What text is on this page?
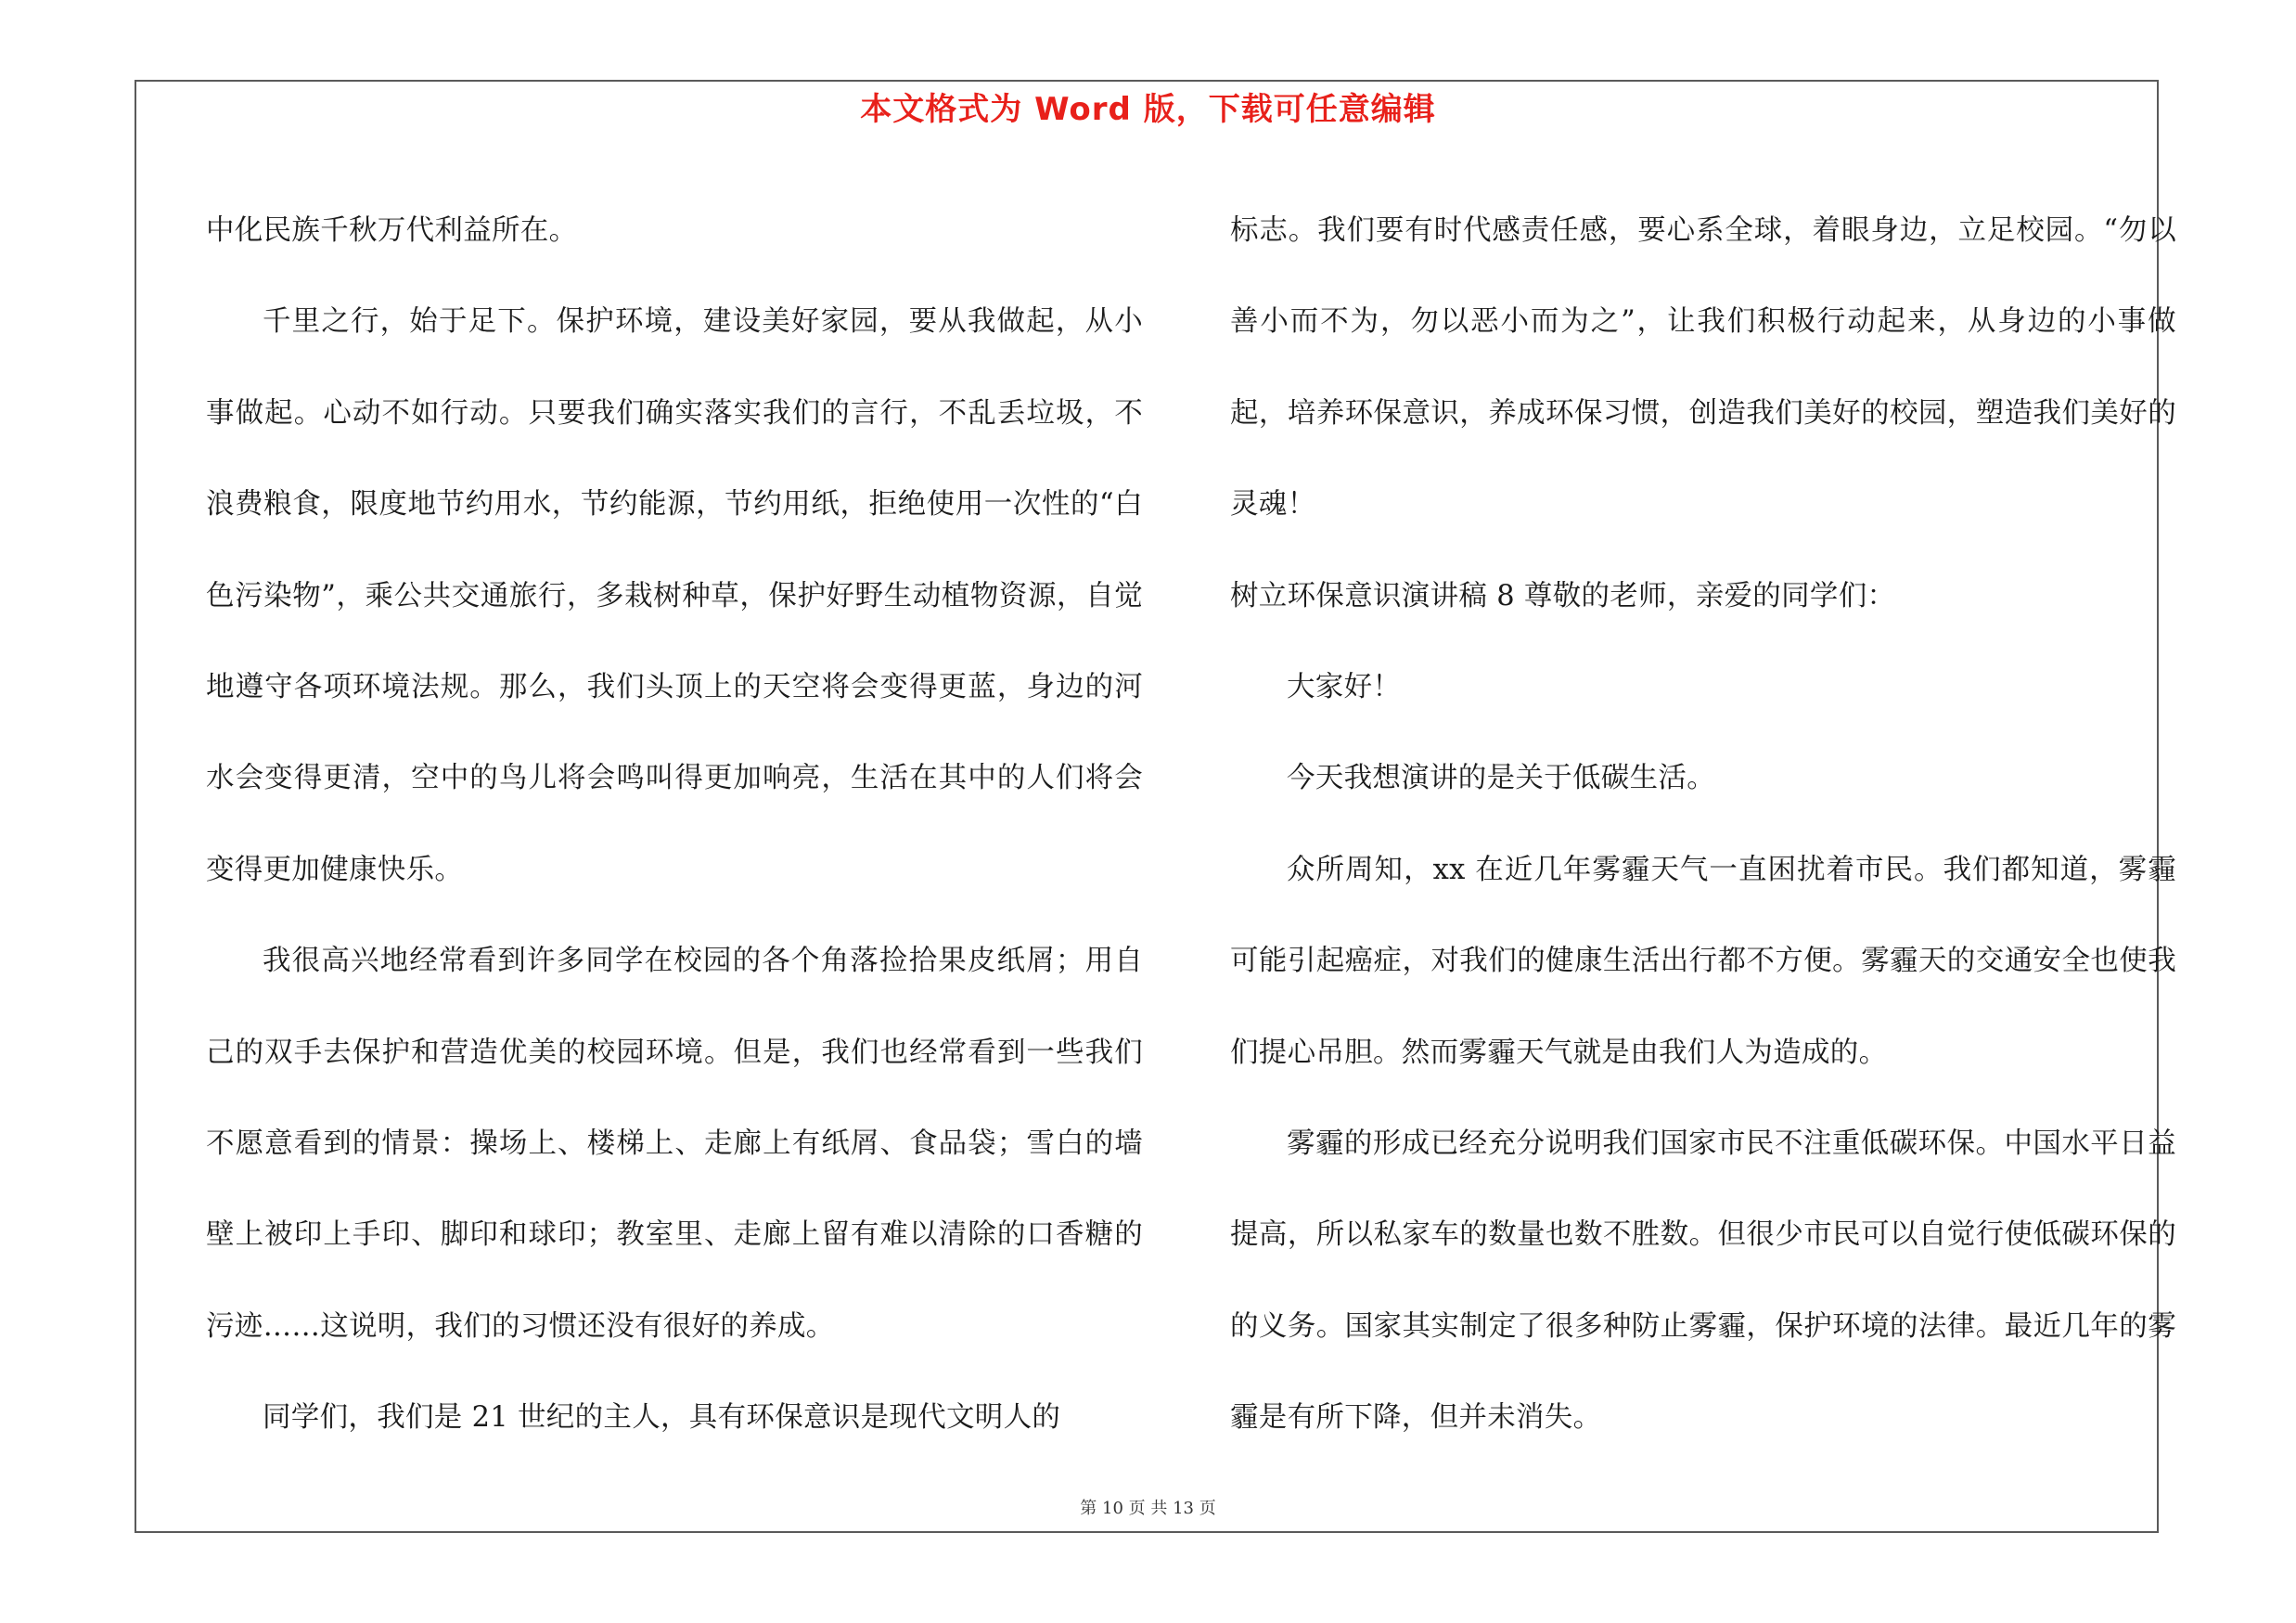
本文格式为 Word 版，下载可任意编辑

中化民族千秋万代利益所在。

千里之行，始于足下。保护环境，建设美好家园，要从我做起，从小事做起。心动不如行动。只要我们确实落实我们的言行，不乱丢垃圾，不浪费粮食，限度地节约用水，节约能源，节约用纸，拒绝使用一次性的“白色污染物”，乘公共交通旅行，多栽树种草，保护好野生动植物资源，自觉地遵守各项环境法规。那么，我们头顶上的天空将会变得更蓝，身边的河水会变得更清，空中的鸟儿将会鸣叫得更加响亮，生活在其中的人们将会变得更加健康快乐。

我很高兴地经常看到许多同学在校园的各个角落捡拾果皮纸屑；用自己的双手去保护和营造优美的校园环境。但是，我们也经常看到一些我们不愿意看到的情景：操场上、楼梯上、走廊上有纸屑、食品袋；雪白的墙壁上被印上手印、脚印和球印；教室里、走廊上留有难以清除的口香糖的污迹……这说明，我们的习惯还没有很好的养成。

同学们，我们是 21 世纪的主人，具有环保意识是现代文明人的

标志。我们要有时代感责任感，要心系全球，着眼身边，立足校园。“勿以善小而不为，勿以恶小而为之”，让我们积极行动起来，从身边的小事做起，培养环保意识，养成环保习惯，创造我们美好的校园，塑造我们美好的灵魂！

树立环保意识演讲稿 8 尊敬的老师，亲爱的同学们：

大家好！

今天我想演讲的是关于低碳生活。

众所周知，xx 在近几年雾霾天气一直困扰着市民。我们都知道，雾霾可能引起癌症，对我们的健康生活出行都不方便。雾霾天的交通安全也使我们提心吊胆。然而雾霾天气就是由我们人为造成的。

雾霾的形成已经充分说明我们国家市民不注重低碳环保。中国水平日益提高，所以私家车的数量也数不胜数。但很少市民可以自觉行使低碳环保的的义务。国家其实制定了很多种防止雾霾，保护环境的法律。最近几年的雾霾是有所下降，但并未消失。

第 10 页 共 13 页
